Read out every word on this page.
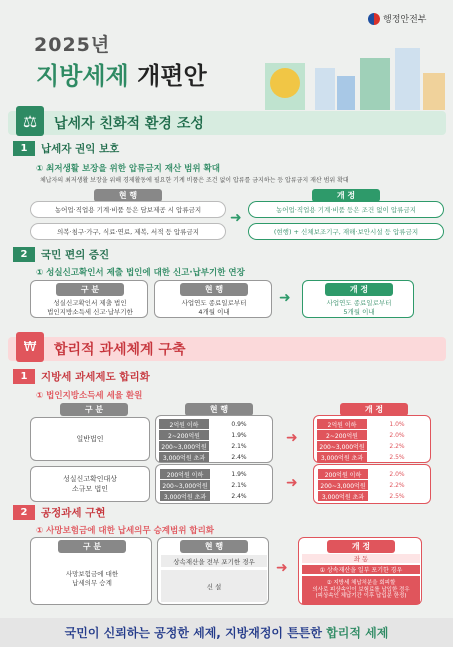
행정안전부
2025년
지방세제 개편안
납세자 친화적 환경 조성
⚖
1	납세자 권익 보호
① 최저생활 보장을 위한 압류금지 재산 범위 확대
체납자의 최저생활 보장을 위해 경제활동에 필요한 기계 비품은 조건 없이 압류를 금지하는 등 압류금지 재산 범위 확대
현 행
농어업·직업용 기계·비품 등은 담보제공 시 압류금지
의복·침구·가구, 식료·연료, 제복, 서적 등 압류금지
➜
개 정
농어업·직업용 기계·비품 등은 조건 없이 압류금지
(현행) + 신체보조기구, 재해·보안시설 등 압류금지
2	국민 편의 증진
① 성실신고확인서 제출 법인에 대한 신고·납부기한 연장
구 분
성실신고확인서 제출 법인
법인지방소득세 신고·납부기한
현 행
사업연도 종료일로부터
4개월 이내
➜
개 정
사업연도 종료일로부터
5개월 이내
합리적 과세체계 구축
₩
1	지방세 과세제도 합리화
① 법인지방소득세 세율 환원
구 분	현 행	개 정
일반법인
2억원 이하	0.9%
2~200억원	1.9%
200~3,000억원	2.1%
3,000억원 초과	2.4%
➜
2억원 이하	1.0%
2~200억원	2.0%
200~3,000억원	2.2%
3,000억원 초과	2.5%
성실신고확인대상
소규모 법인
200억원 이하	1.9%
200~3,000억원	2.1%
3,000억원 초과	2.4%
➜	200억원 이하	2.0%
200~3,000억원	2.2%
3,000억원 초과	2.5%
2	공정과세 구현
① 사망보험금에 대한 납세의무 승계범위 합리화
구 분
사망보험금에 대한
납세의무 승계
현 행
상속재산을 전부 포기한 경우
신 설
➜
개 정
좌 동
① 상속재산을 일부 포기한 경우
② 지방세 체납처분을 회피할
의사로 피상속인이 보험료를 납입한 경우
(피상속인 체납기간 이후 납입분 한정)
국민이 신뢰하는 공정한 세제,
지방재정이 튼튼한
합리적 세제
